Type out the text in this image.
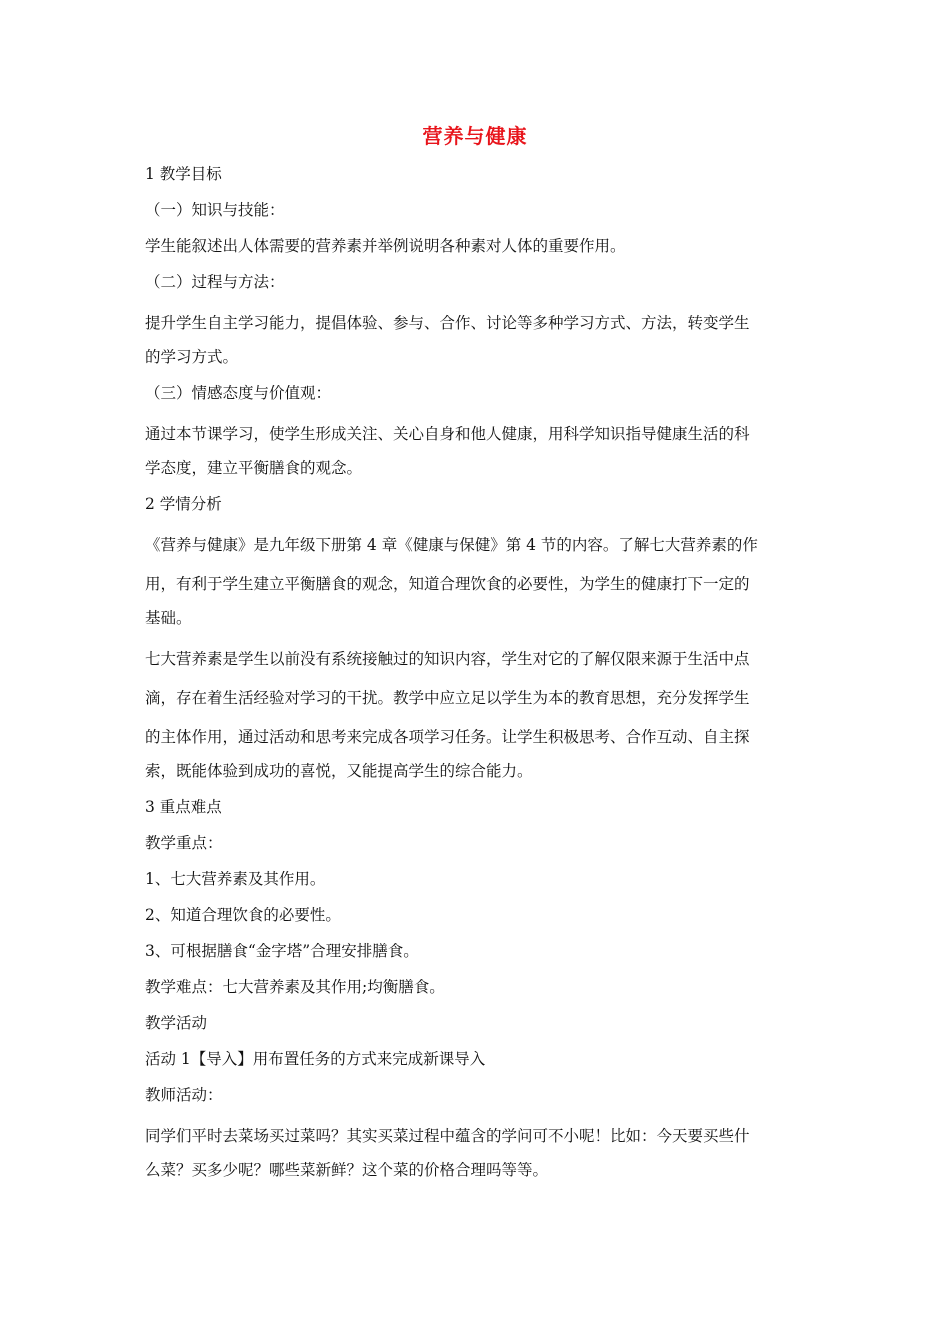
营养与健康
1 教学目标
（一）知识与技能：
学生能叙述出人体需要的营养素并举例说明各种素对人体的重要作用。
（二）过程与方法：
提升学生自主学习能力，提倡体验、参与、合作、讨论等多种学习方式、方法，转变学生
的学习方式。
（三）情感态度与价值观：
通过本节课学习，使学生形成关注、关心自身和他人健康，用科学知识指导健康生活的科
学态度，建立平衡膳食的观念。
2 学情分析
《营养与健康》是九年级下册第 4 章《健康与保健》第 4 节的内容。了解七大营养素的作
用，有利于学生建立平衡膳食的观念，知道合理饮食的必要性，为学生的健康打下一定的
基础。
七大营养素是学生以前没有系统接触过的知识内容，学生对它的了解仅限来源于生活中点
滴，存在着生活经验对学习的干扰。教学中应立足以学生为本的教育思想，充分发挥学生
的主体作用，通过活动和思考来完成各项学习任务。让学生积极思考、合作互动、自主探
索，既能体验到成功的喜悦，又能提高学生的综合能力。
3 重点难点
教学重点：
1、七大营养素及其作用。
2、知道合理饮食的必要性。
3、可根据膳食“金字塔”合理安排膳食。
教学难点：七大营养素及其作用;均衡膳食。
教学活动
活动 1【导入】用布置任务的方式来完成新课导入
教师活动：
同学们平时去菜场买过菜吗？其实买菜过程中蕴含的学问可不小呢！比如：今天要买些什
么菜？买多少呢？哪些菜新鲜？这个菜的价格合理吗等等。
